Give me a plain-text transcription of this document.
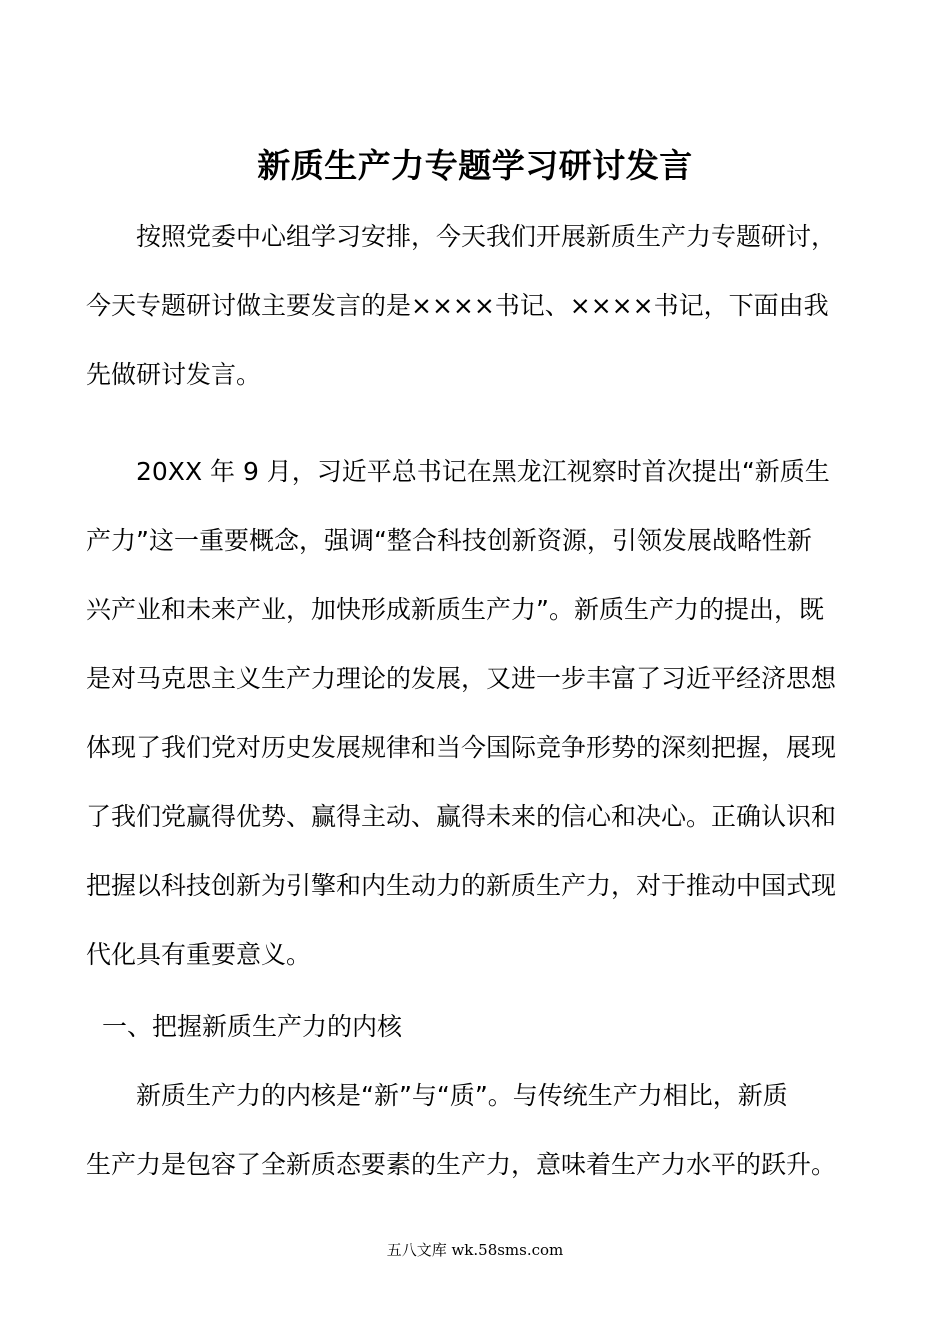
新质生产力专题学习研讨发言
　　按照党委中心组学习安排，今天我们开展新质生产力专题研讨，
今天专题研讨做主要发言的是××××书记、××××书记，下面由我
先做研讨发言。
　　20XX 年 9 月，习近平总书记在黑龙江视察时首次提出“新质生
产力”这一重要概念，强调“整合科技创新资源，引领发展战略性新
兴产业和未来产业，加快形成新质生产力”。新质生产力的提出，既
是对马克思主义生产力理论的发展，又进一步丰富了习近平经济思想
体现了我们党对历史发展规律和当今国际竞争形势的深刻把握，展现
了我们党赢得优势、赢得主动、赢得未来的信心和决心。正确认识和
把握以科技创新为引擎和内生动力的新质生产力，对于推动中国式现
代化具有重要意义。
一、把握新质生产力的内核
　　新质生产力的内核是“新”与“质”。与传统生产力相比，新质
生产力是包容了全新质态要素的生产力，意味着生产力水平的跃升。
五八文库 wk.58sms.com
